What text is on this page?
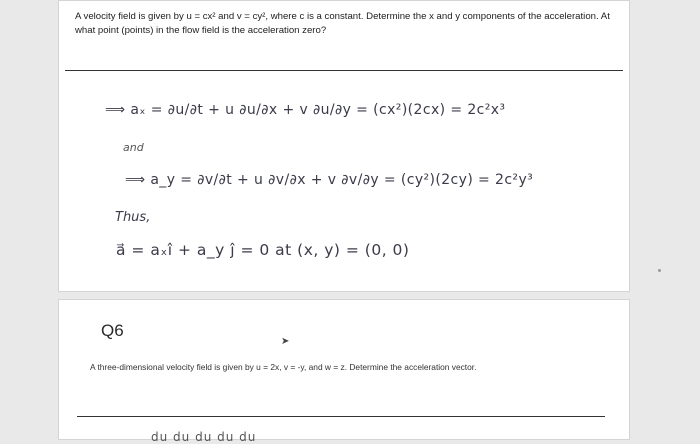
A velocity field is given by u = cx² and v = cy², where c is a constant. Determine the x and y components of the acceleration. At what point (points) in the flow field is the acceleration zero?
⟹ aₓ = ∂u/∂t + u ∂u/∂x + v ∂u/∂y = (cx²)(2cx) = 2c²x³
and
⟹ a_y = ∂v/∂t + u ∂v/∂x + v ∂v/∂y = (cy²)(2cy) = 2c²y³
Thus,
a⃗ = aₓî + a_y ĵ = 0 at (x, y) = (0, 0)
Q6
➤
A three-dimensional velocity field is given by u = 2x, v = -y, and w = z. Determine the acceleration vector.
du du du du du
